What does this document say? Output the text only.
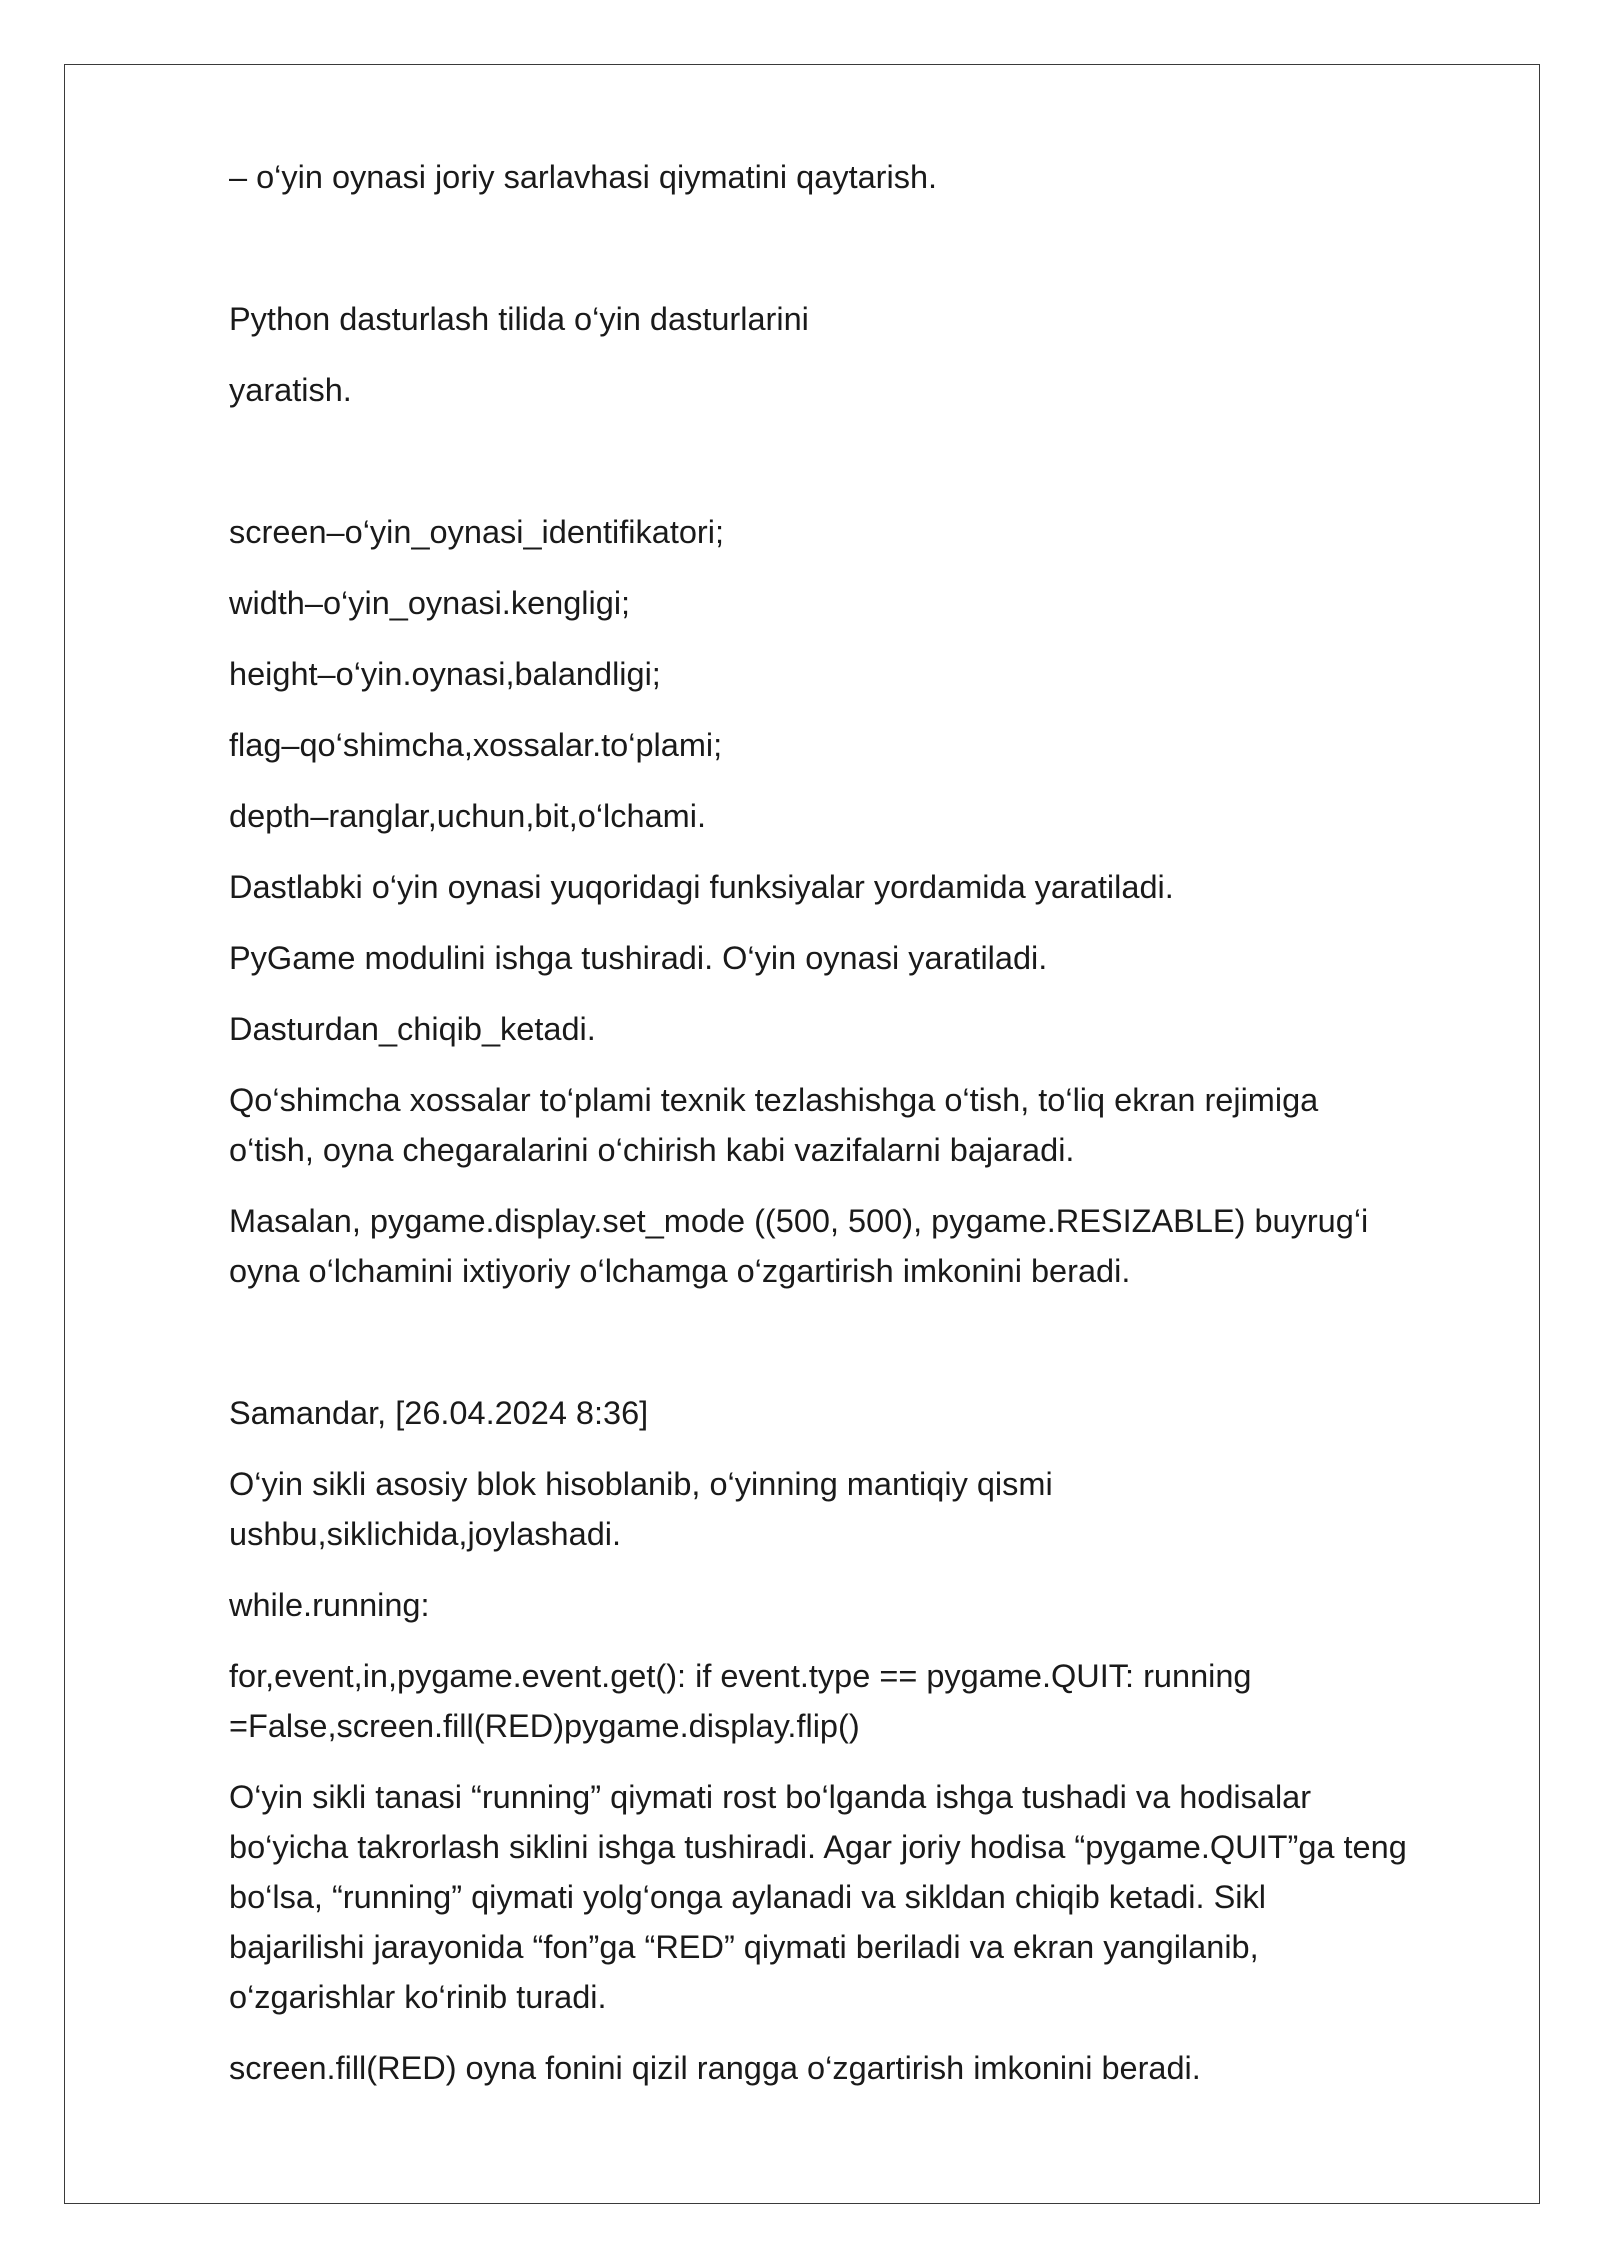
– o‘yin oynasi joriy sarlavhasi qiymatini qaytarish.

Python dasturlash tilida o‘yin dasturlarini

yaratish.

screen–o‘yin_oynasi_identifikatori;

width–o‘yin_oynasi.kengligi;

height–o‘yin.oynasi,balandligi;

flag–qo‘shimcha,xossalar.to‘plami;

depth–ranglar,uchun,bit,o‘lchami.

Dastlabki o‘yin oynasi yuqoridagi funksiyalar yordamida yaratiladi.

PyGame modulini ishga tushiradi. O‘yin oynasi yaratiladi.

Dasturdan_chiqib_ketadi.

Qo‘shimcha xossalar to‘plami texnik tezlashishga o‘tish, to‘liq ekran rejimiga
o‘tish, oyna chegaralarini o‘chirish kabi vazifalarni bajaradi.

Masalan, pygame.display.set_mode ((500, 500), pygame.RESIZABLE) buyrug‘i
oyna o‘lchamini ixtiyoriy o‘lchamga o‘zgartirish imkonini beradi.

Samandar, [26.04.2024 8:36]

O‘yin sikli asosiy blok hisoblanib, o‘yinning mantiqiy qismi
ushbu,siklichida,joylashadi.

while.running:

for,event,in,pygame.event.get(): if event.type == pygame.QUIT: running
=False,screen.fill(RED)pygame.display.flip()

O‘yin sikli tanasi “running” qiymati rost bo‘lganda ishga tushadi va hodisalar
bo‘yicha takrorlash siklini ishga tushiradi. Agar joriy hodisa “pygame.QUIT”ga teng
bo‘lsa, “running” qiymati yolg‘onga aylanadi va sikldan chiqib ketadi. Sikl
bajarilishi jarayonida “fon”ga “RED” qiymati beriladi va ekran yangilanib,
o‘zgarishlar ko‘rinib turadi.

screen.fill(RED) oyna fonini qizil rangga o‘zgartirish imkonini beradi.
